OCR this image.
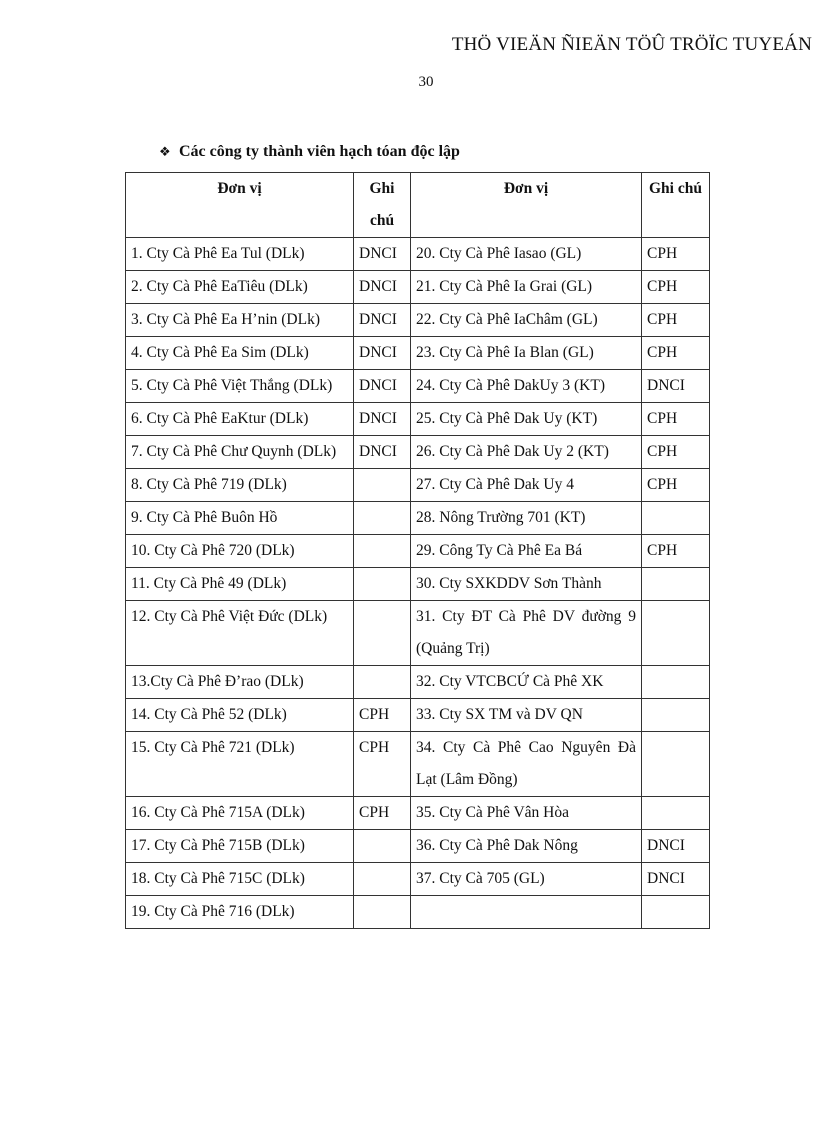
THÖ VIEÄN ÑIEÄN TÖÛ TRÖÏC TUYEÁN
30
❖ Các công ty thành viên hạch tóan độc lập
Đơn vị	Ghi chú	Đơn vị	Ghi chú
1. Cty Cà Phê Ea Tul (DLk)	DNCI	20. Cty Cà Phê Iasao (GL)	CPH
2. Cty Cà Phê EaTiêu (DLk)	DNCI	21. Cty Cà Phê Ia Grai (GL)	CPH
3. Cty Cà Phê Ea H’nin (DLk)	DNCI	22. Cty Cà Phê IaChâm (GL)	CPH
4. Cty Cà Phê Ea Sim (DLk)	DNCI	23. Cty Cà Phê Ia Blan (GL)	CPH
5. Cty Cà Phê Việt Thắng (DLk)	DNCI	24. Cty Cà Phê DakUy 3 (KT)	DNCI
6. Cty Cà Phê EaKtur (DLk)	DNCI	25. Cty Cà Phê Dak Uy (KT)	CPH
7. Cty Cà Phê Chư Quynh (DLk)	DNCI	26. Cty Cà Phê Dak Uy 2 (KT)	CPH
8. Cty Cà Phê 719 (DLk)		27. Cty Cà Phê Dak Uy 4	CPH
9. Cty Cà Phê Buôn Hồ		28. Nông Trường 701 (KT)	
10. Cty Cà Phê 720 (DLk)		29. Công Ty Cà Phê Ea Bá	CPH
11. Cty Cà Phê 49 (DLk)		30. Cty SXKDDV Sơn Thành	
12. Cty Cà Phê Việt Đức (DLk)		31. Cty ĐT Cà Phê DV đường 9 (Quảng Trị)	
13.Cty Cà Phê Đ’rao (DLk)		32. Cty VTCBCỨ Cà Phê XK	
14. Cty Cà Phê 52 (DLk)	CPH	33. Cty SX TM và DV QN	
15. Cty Cà Phê 721 (DLk)	CPH	34. Cty Cà Phê Cao Nguyên Đà Lạt (Lâm Đồng)	
16. Cty Cà Phê 715A (DLk)	CPH	35. Cty Cà Phê Vân Hòa	
17. Cty Cà Phê 715B (DLk)		36. Cty Cà Phê Dak Nông	DNCI
18. Cty Cà Phê 715C (DLk)		37. Cty Cà 705 (GL)	DNCI
19. Cty Cà Phê 716 (DLk)			
